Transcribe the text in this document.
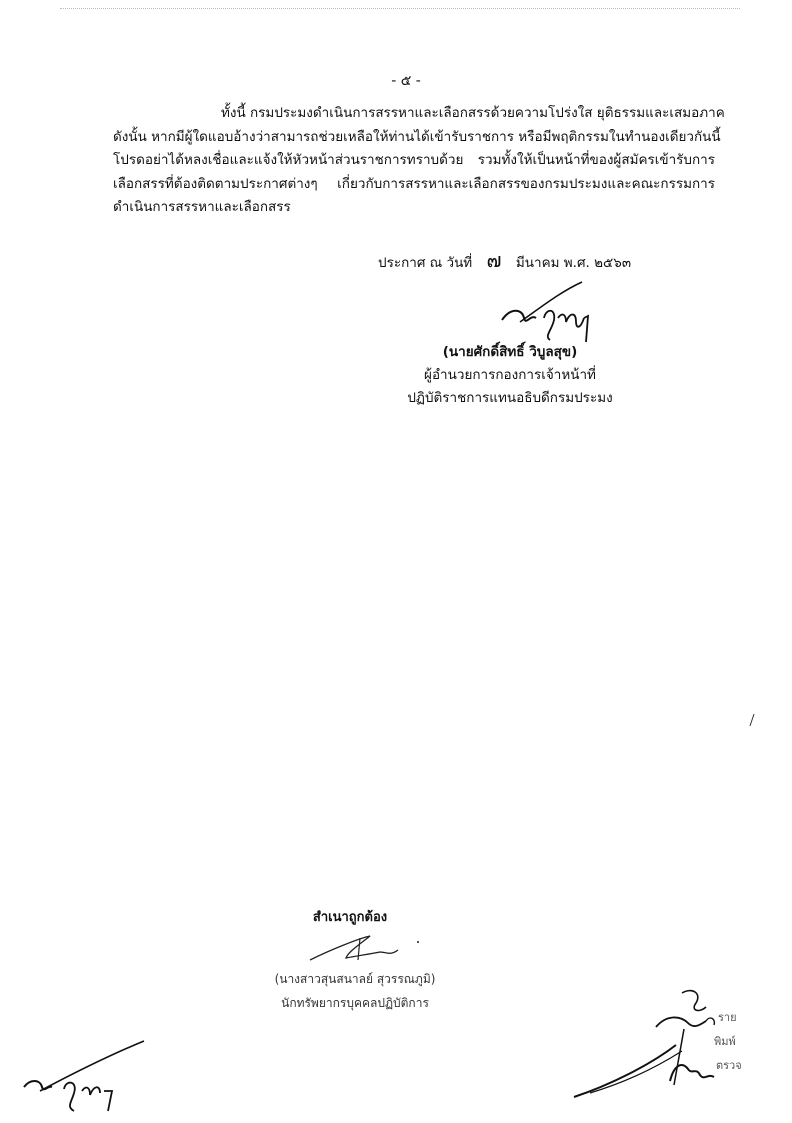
- ๕ -
ทั้งนี้ กรมประมงดำเนินการสรรหาและเลือกสรรด้วยความโปร่งใส ยุติธรรมและเสมอภาค
ดังนั้น หากมีผู้ใดแอบอ้างว่าสามารถช่วยเหลือให้ท่านได้เข้ารับราชการ หรือมีพฤติกรรมในทำนองเดียวกันนี้
โปรดอย่าได้หลงเชื่อและแจ้งให้หัวหน้าส่วนราชการทราบด้วย รวมทั้งให้เป็นหน้าที่ของผู้สมัครเข้ารับการ
เลือกสรรที่ต้องติดตามประกาศต่างๆ เกี่ยวกับการสรรหาและเลือกสรรของกรมประมงและคณะกรรมการ
ดำเนินการสรรหาและเลือกสรร
ประกาศ ณ วันที่ ๗ มีนาคม พ.ศ. ๒๕๖๓
(นายศักดิ์สิทธิ์ วิบูลสุข)
ผู้อำนวยการกองการเจ้าหน้าที่
ปฏิบัติราชการแทนอธิบดีกรมประมง
สำเนาถูกต้อง
(นางสาวสุนสนาลย์ สุวรรณภูมิ)
นักทรัพยากรบุคคลปฏิบัติการ
ราย
พิมพ์
ตรวจ
